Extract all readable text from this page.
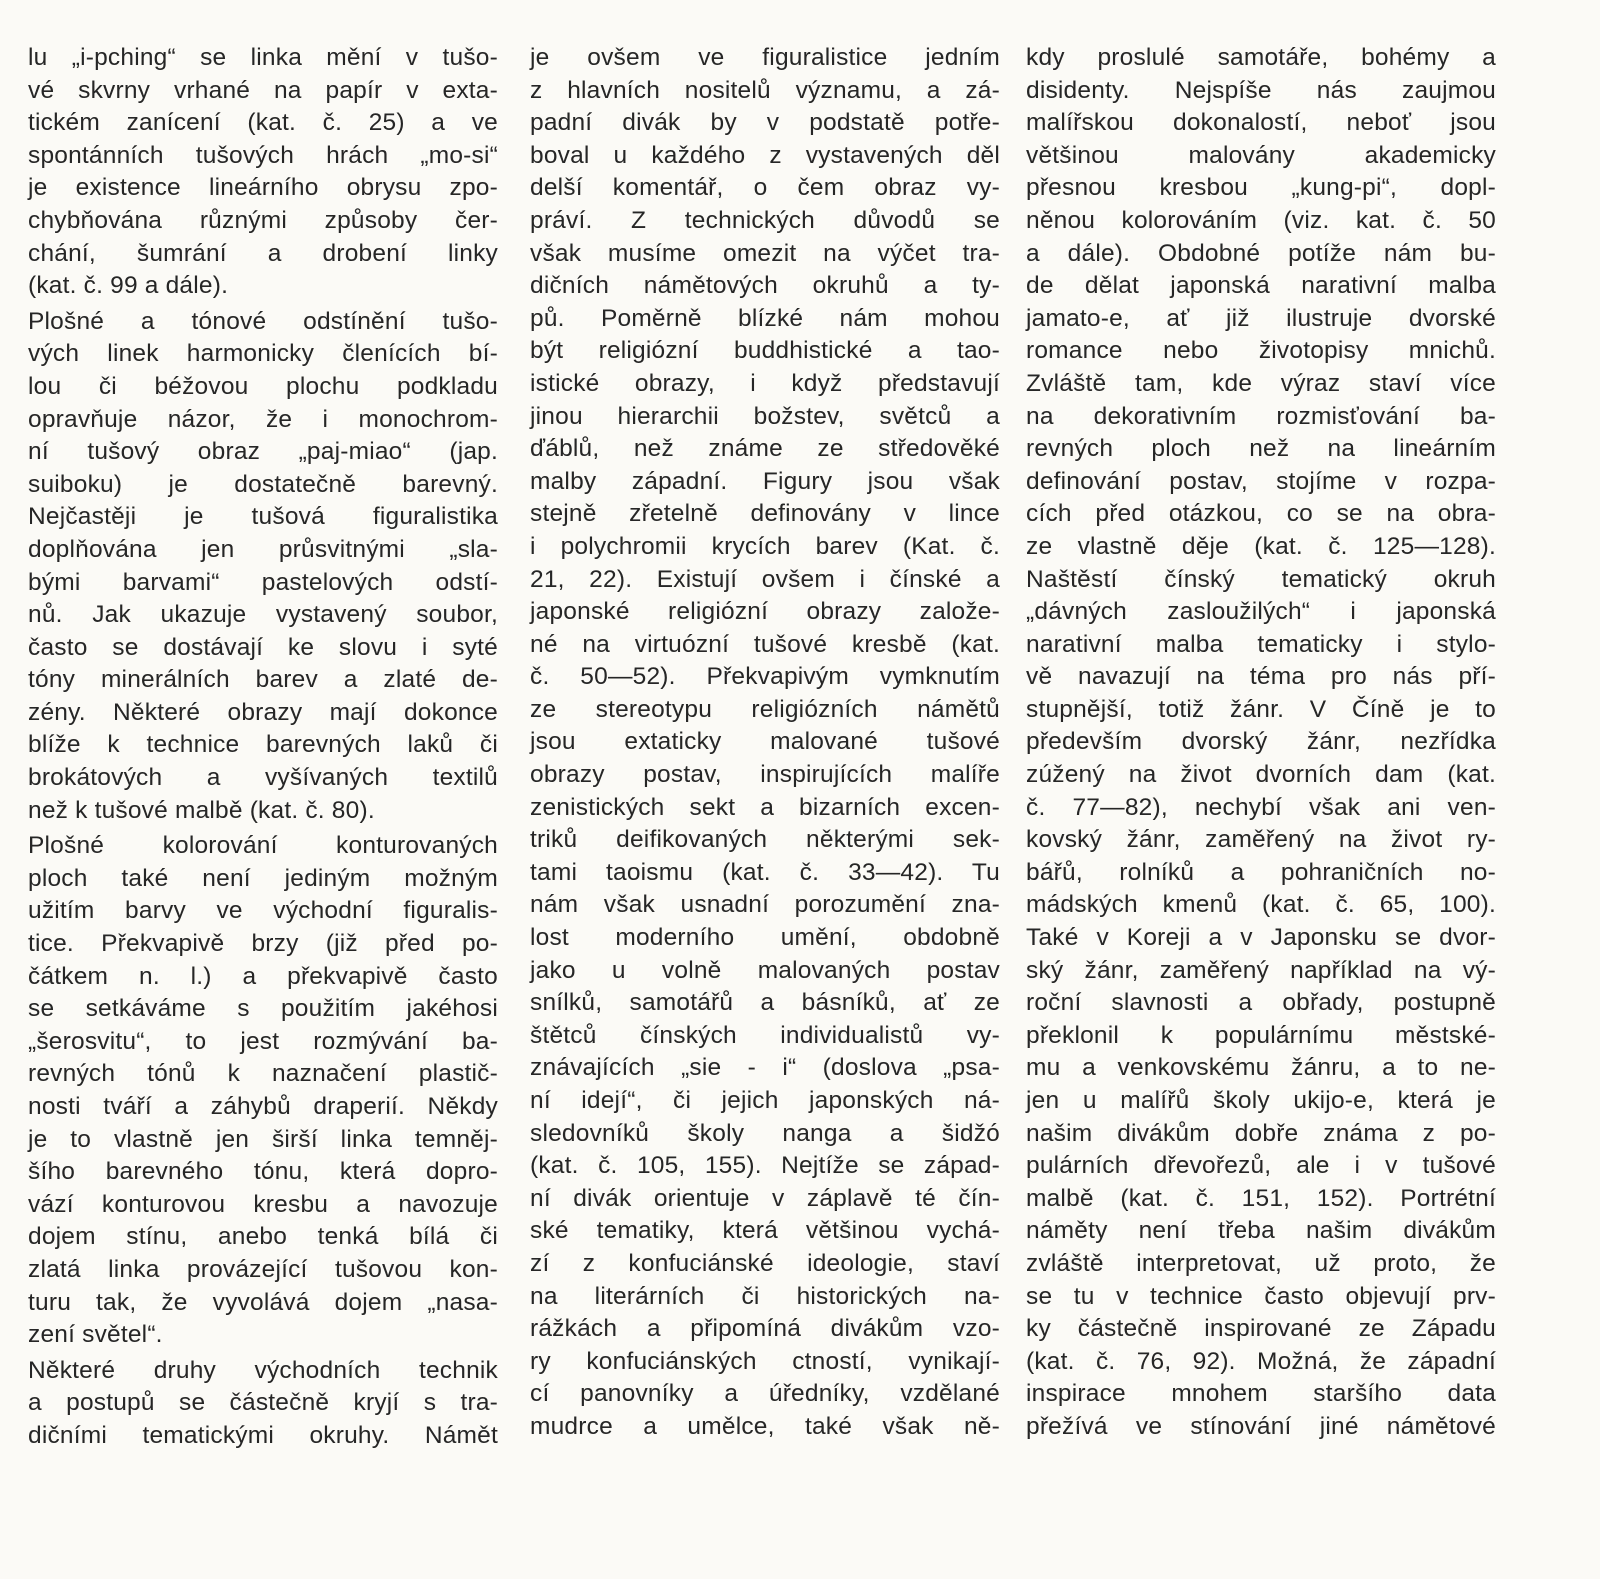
lu „i-pching“ se linka mění v tušo-
vé skvrny vrhané na papír v exta-
tickém zanícení (kat. č. 25) a ve
spontánních tušových hrách „mo-si“
je existence lineárního obrysu zpo-
chybňována různými způsoby čer-
chání, šumrání a drobení linky
(kat. č. 99 a dále).
Plošné a tónové odstínění tušo-
vých linek harmonicky členících bí-
lou či béžovou plochu podkladu
opravňuje názor, že i monochrom-
ní tušový obraz „paj-miao“ (jap.
suiboku) je dostatečně barevný.
Nejčastěji je tušová figuralistika
doplňována jen průsvitnými „sla-
bými barvami“ pastelových odstí-
nů. Jak ukazuje vystavený soubor,
často se dostávají ke slovu i syté
tóny minerálních barev a zlaté de-
zény. Některé obrazy mají dokonce
blíže k technice barevných laků či
brokátových a vyšívaných textilů
než k tušové malbě (kat. č. 80).
Plošné kolorování konturovaných
ploch také není jediným možným
užitím barvy ve východní figuralis-
tice. Překvapivě brzy (již před po-
čátkem n. l.) a překvapivě často
se setkáváme s použitím jakéhosi
„šerosvitu“, to jest rozmývání ba-
revných tónů k naznačení plastič-
nosti tváří a záhybů draperií. Někdy
je to vlastně jen širší linka temněj-
šího barevného tónu, která dopro-
vází konturovou kresbu a navozuje
dojem stínu, anebo tenká bílá či
zlatá linka provázející tušovou kon-
turu tak, že vyvolává dojem „nasa-
zení světel“.
Některé druhy východních technik
a postupů se částečně kryjí s tra-
dičními tematickými okruhy. Námět
je ovšem ve figuralistice jedním
z hlavních nositelů významu, a zá-
padní divák by v podstatě potře-
boval u každého z vystavených děl
delší komentář, o čem obraz vy-
práví. Z technických důvodů se
však musíme omezit na výčet tra-
dičních námětových okruhů a ty-
pů. Poměrně blízké nám mohou
být religiózní buddhistické a tao-
istické obrazy, i když představují
jinou hierarchii božstev, světců a
ďáblů, než známe ze středověké
malby západní. Figury jsou však
stejně zřetelně definovány v lince
i polychromii krycích barev (Kat. č.
21, 22). Existují ovšem i čínské a
japonské religiózní obrazy založe-
né na virtuózní tušové kresbě (kat.
č. 50—52). Překvapivým vymknutím
ze stereotypu religiózních námětů
jsou extaticky malované tušové
obrazy postav, inspirujících malíře
zenistických sekt a bizarních excen-
triků deifikovaných některými sek-
tami taoismu (kat. č. 33—42). Tu
nám však usnadní porozumění zna-
lost moderního umění, obdobně
jako u volně malovaných postav
snílků, samotářů a básníků, ať ze
štětců čínských individualistů vy-
znávajících „sie - i“ (doslova „psa-
ní idejí“, či jejich japonských ná-
sledovníků školy nanga a šidžó
(kat. č. 105, 155). Nejtíže se západ-
ní divák orientuje v záplavě té čín-
ské tematiky, která většinou vychá-
zí z konfuciánské ideologie, staví
na literárních či historických na-
rážkách a připomíná divákům vzo-
ry konfuciánských ctností, vynikají-
cí panovníky a úředníky, vzdělané
mudrce a umělce, také však ně-
kdy proslulé samotáře, bohémy a
disidenty. Nejspíše nás zaujmou
malířskou dokonalostí, neboť jsou
většinou malovány akademicky
přesnou kresbou „kung-pi“, dopl-
něnou kolorováním (viz. kat. č. 50
a dále). Obdobné potíže nám bu-
de dělat japonská narativní malba
jamato-e, ať již ilustruje dvorské
romance nebo životopisy mnichů.
Zvláště tam, kde výraz staví více
na dekorativním rozmisťování ba-
revných ploch než na lineárním
definování postav, stojíme v rozpa-
cích před otázkou, co se na obra-
ze vlastně děje (kat. č. 125—128).
Naštěstí čínský tematický okruh
„dávných zasloužilých“ i japonská
narativní malba tematicky i stylo-
vě navazují na téma pro nás pří-
stupnější, totiž žánr. V Číně je to
především dvorský žánr, nezřídka
zúžený na život dvorních dam (kat.
č. 77—82), nechybí však ani ven-
kovský žánr, zaměřený na život ry-
bářů, rolníků a pohraničních no-
mádských kmenů (kat. č. 65, 100).
Také v Koreji a v Japonsku se dvor-
ský žánr, zaměřený například na vý-
roční slavnosti a obřady, postupně
překlonil k populárnímu městské-
mu a venkovskému žánru, a to ne-
jen u malířů školy ukijo-e, která je
našim divákům dobře známa z po-
pulárních dřevořezů, ale i v tušové
malbě (kat. č. 151, 152). Portrétní
náměty není třeba našim divákům
zvláště interpretovat, už proto, že
se tu v technice často objevují prv-
ky částečně inspirované ze Západu
(kat. č. 76, 92). Možná, že západní
inspirace mnohem staršího data
přežívá ve stínování jiné námětové
